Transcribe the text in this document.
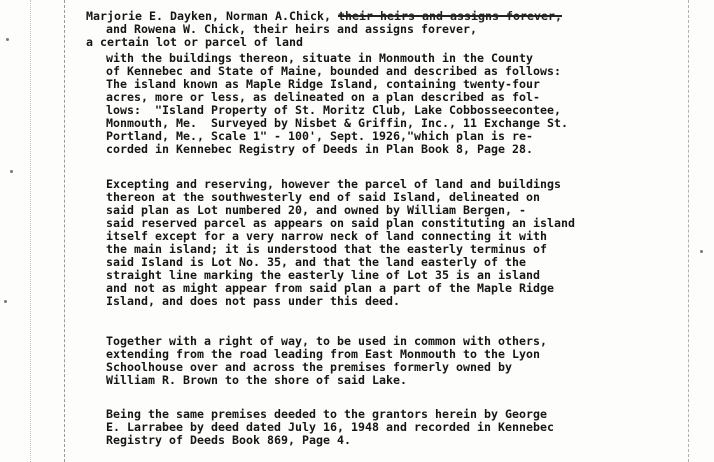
Marjorie E. Dayken, Norman A.Chick, their heirs and assigns forever,
and Rowena W. Chick, their heirs and assigns forever,
a certain lot or parcel of land
with the buildings thereon, situate in Monmouth in the County
of Kennebec and State of Maine, bounded and described as follows:
The island known as Maple Ridge Island, containing twenty-four
acres, more or less, as delineated on a plan described as fol-
lows:  "Island Property of St. Moritz Club, Lake Cobbosseecontee,
Monmouth, Me.  Surveyed by Nisbet & Griffin, Inc., 11 Exchange St.
Portland, Me., Scale 1" - 100', Sept. 1926,"which plan is re-
corded in Kennebec Registry of Deeds in Plan Book 8, Page 28.
Excepting and reserving, however the parcel of land and buildings
thereon at the southwesterly end of said Island, delineated on
said plan as Lot numbered 20, and owned by William Bergen, -
said reserved parcel as appears on said plan constituting an island
itself except for a very narrow neck of land connecting it with
the main island; it is understood that the easterly terminus of
said Island is Lot No. 35, and that the land easterly of the
straight line marking the easterly line of Lot 35 is an island
and not as might appear from said plan a part of the Maple Ridge
Island, and does not pass under this deed.
Together with a right of way, to be used in common with others,
extending from the road leading from East Monmouth to the Lyon
Schoolhouse over and across the premises formerly owned by
William R. Brown to the shore of said Lake.
Being the same premises deeded to the grantors herein by George
E. Larrabee by deed dated July 16, 1948 and recorded in Kennebec
Registry of Deeds Book 869, Page 4.
